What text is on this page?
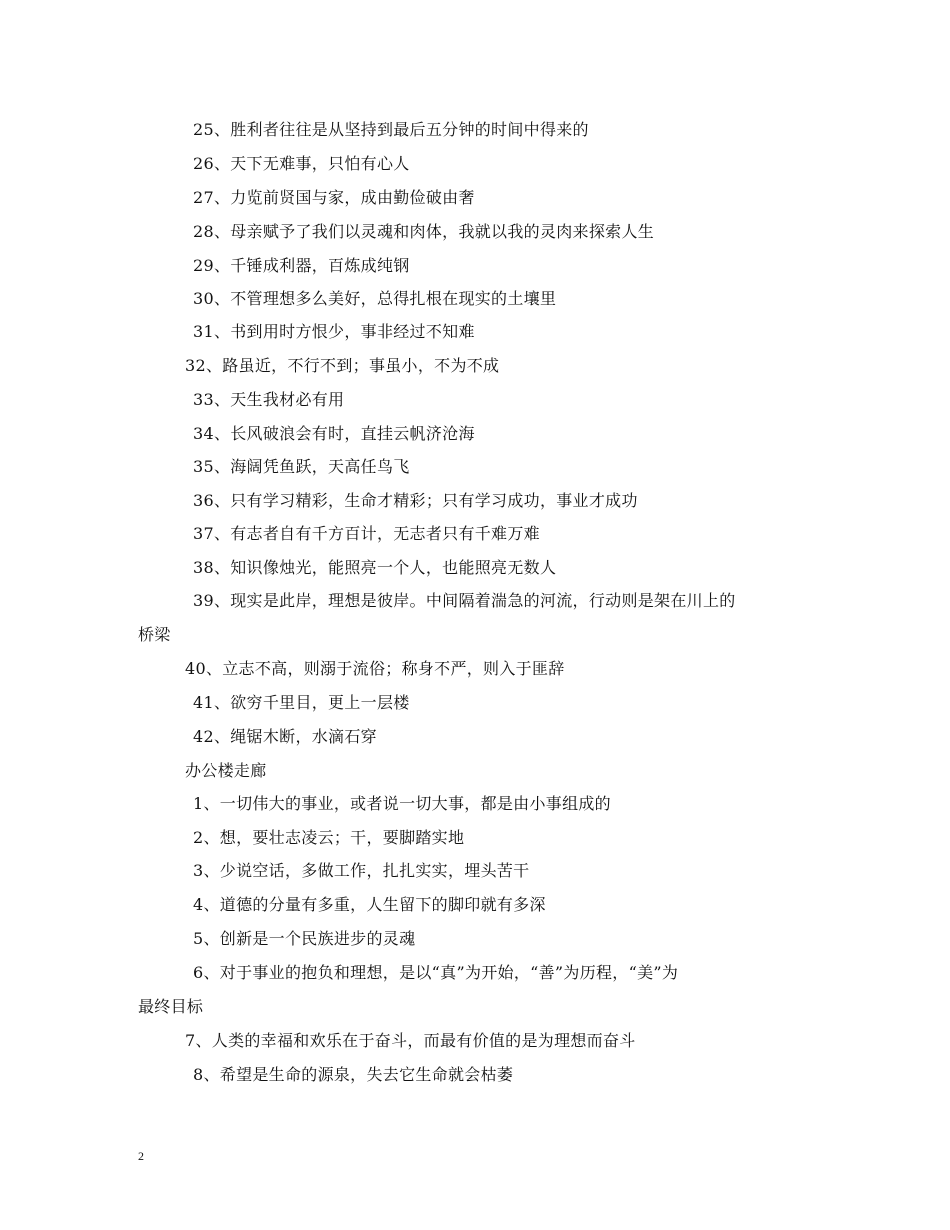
25、胜利者往往是从坚持到最后五分钟的时间中得来的
26、天下无难事，只怕有心人
27、力览前贤国与家，成由勤俭破由奢
28、母亲赋予了我们以灵魂和肉体，我就以我的灵肉来探索人生
29、千锤成利器，百炼成纯钢
30、不管理想多么美好，总得扎根在现实的土壤里
31、书到用时方恨少，事非经过不知难
32、路虽近，不行不到；事虽小，不为不成
33、天生我材必有用
34、长风破浪会有时，直挂云帆济沧海
35、海阔凭鱼跃，天高任鸟飞
36、只有学习精彩，生命才精彩；只有学习成功，事业才成功
37、有志者自有千方百计，无志者只有千难万难
38、知识像烛光，能照亮一个人，也能照亮无数人
39、现实是此岸，理想是彼岸。中间隔着湍急的河流，行动则是架在川上的
桥梁
40、立志不高，则溺于流俗；称身不严，则入于匪辞
41、欲穷千里目，更上一层楼
42、绳锯木断，水滴石穿
办公楼走廊
1、一切伟大的事业，或者说一切大事，都是由小事组成的
2、想，要壮志凌云；干，要脚踏实地
3、少说空话，多做工作，扎扎实实，埋头苦干
4、道德的分量有多重，人生留下的脚印就有多深
5、创新是一个民族进步的灵魂
6、对于事业的抱负和理想，是以“真”为开始，“善”为历程，“美”为
最终目标
7、人类的幸福和欢乐在于奋斗，而最有价值的是为理想而奋斗
8、希望是生命的源泉，失去它生命就会枯萎
2
